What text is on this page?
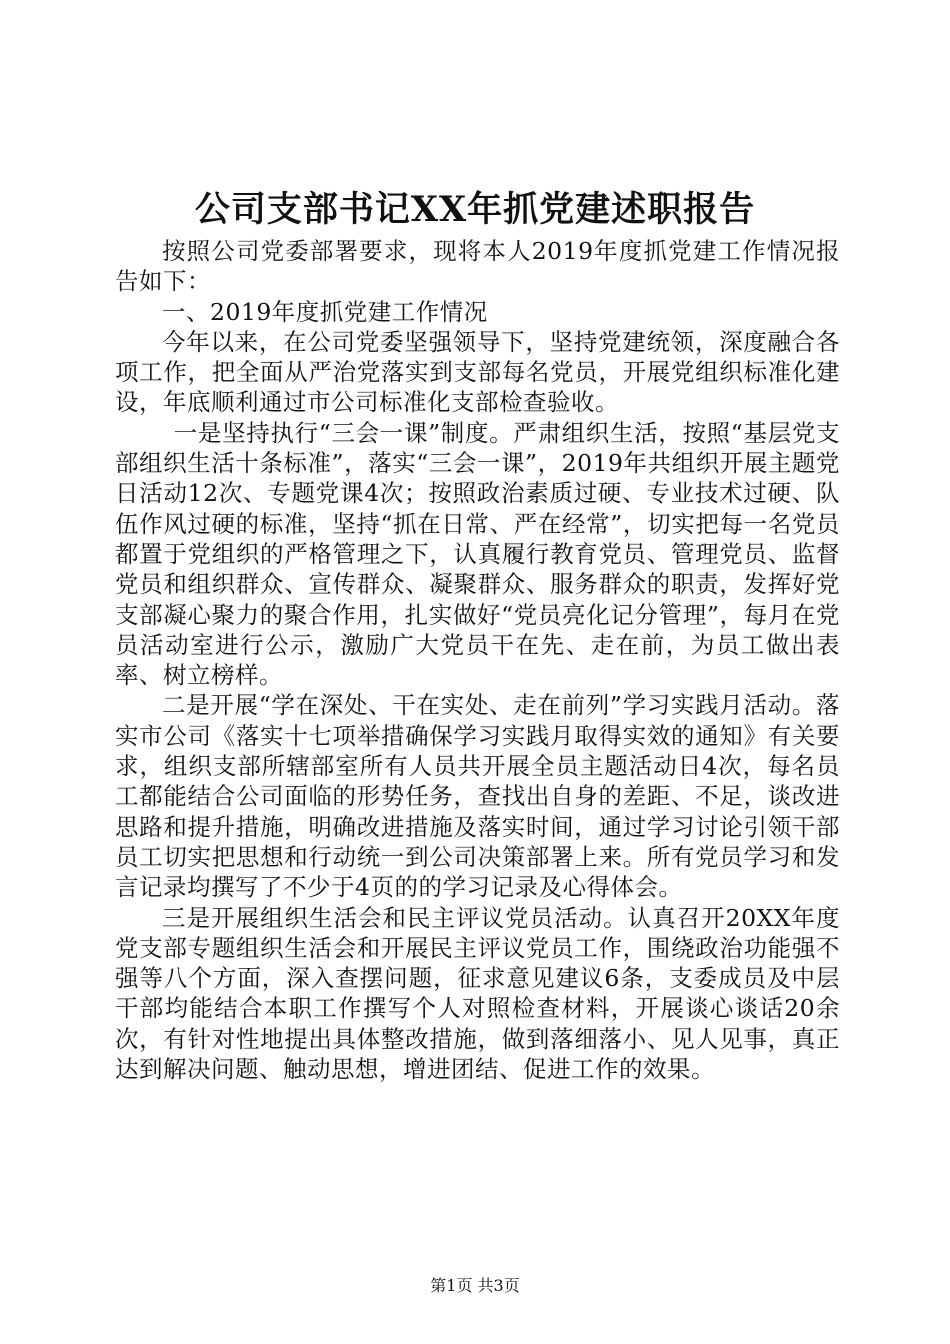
公司支部书记XX年抓党建述职报告

按照公司党委部署要求，现将本人2019年度抓党建工作情况报告如下：

一、2019年度抓党建工作情况

今年以来，在公司党委坚强领导下，坚持党建统领，深度融合各项工作，把全面从严治党落实到支部每名党员，开展党组织标准化建设，年底顺利通过市公司标准化支部检查验收。

一是坚持执行“三会一课”制度。严肃组织生活，按照“基层党支部组织生活十条标准”，落实“三会一课”，2019年共组织开展主题党日活动12次、专题党课4次；按照政治素质过硬、专业技术过硬、队伍作风过硬的标准，坚持“抓在日常、严在经常”，切实把每一名党员都置于党组织的严格管理之下，认真履行教育党员、管理党员、监督党员和组织群众、宣传群众、凝聚群众、服务群众的职责，发挥好党支部凝心聚力的聚合作用，扎实做好“党员亮化记分管理”，每月在党员活动室进行公示，激励广大党员干在先、走在前，为员工做出表率、树立榜样。

二是开展“学在深处、干在实处、走在前列”学习实践月活动。落实市公司《落实十七项举措确保学习实践月取得实效的通知》有关要求，组织支部所辖部室所有人员共开展全员主题活动日4次，每名员工都能结合公司面临的形势任务，查找出自身的差距、不足，谈改进思路和提升措施，明确改进措施及落实时间，通过学习讨论引领干部员工切实把思想和行动统一到公司决策部署上来。所有党员学习和发言记录均撰写了不少于4页的的学习记录及心得体会。

三是开展组织生活会和民主评议党员活动。认真召开20XX年度党支部专题组织生活会和开展民主评议党员工作，围绕政治功能强不强等八个方面，深入查摆问题，征求意见建议6条，支委成员及中层干部均能结合本职工作撰写个人对照检查材料，开展谈心谈话20余次，有针对性地提出具体整改措施，做到落细落小、见人见事，真正达到解决问题、触动思想，增进团结、促进工作的效果。

第1页 共3页
